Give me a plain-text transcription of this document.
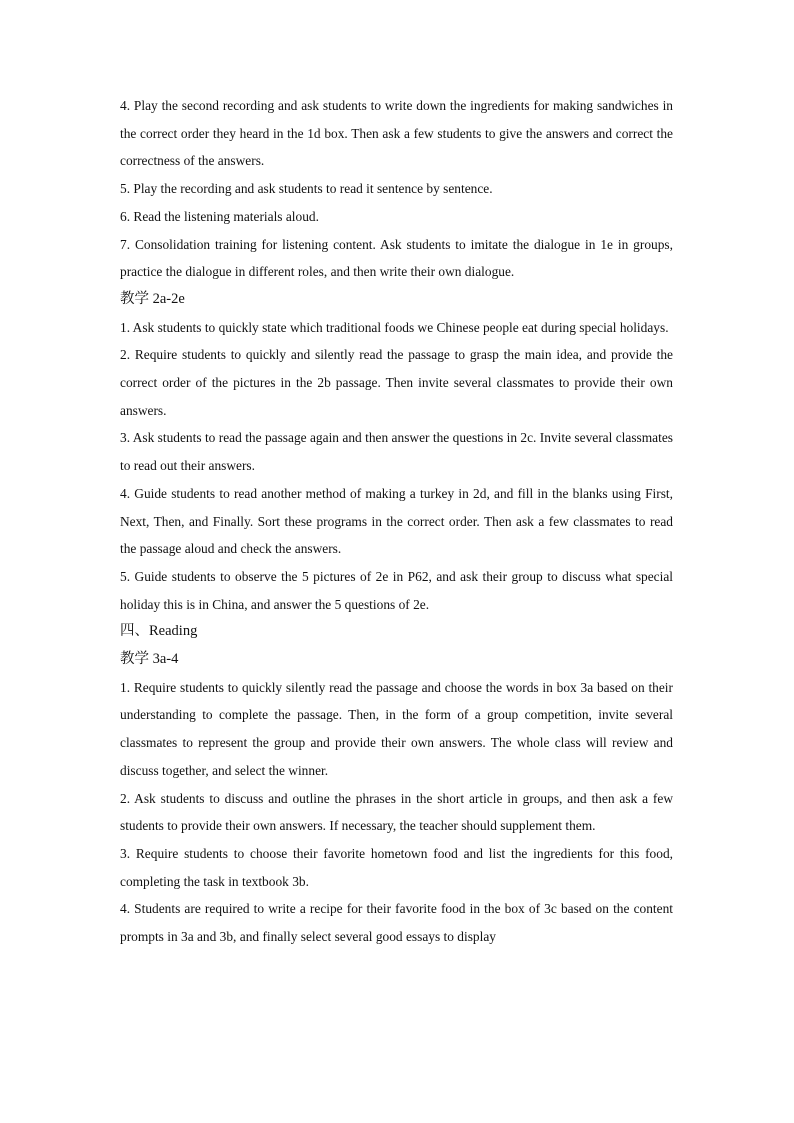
4. Play the second recording and ask students to write down the ingredients for making sandwiches in the correct order they heard in the 1d box. Then ask a few students to give the answers and correct the correctness of the answers.

5. Play the recording and ask students to read it sentence by sentence.

6. Read the listening materials aloud.

7. Consolidation training for listening content. Ask students to imitate the dialogue in 1e in groups, practice the dialogue in different roles, and then write their own dialogue.

教学 2a-2e

1. Ask students to quickly state which traditional foods we Chinese people eat during special holidays.

2. Require students to quickly and silently read the passage to grasp the main idea, and provide the correct order of the pictures in the 2b passage. Then invite several classmates to provide their own answers.

3. Ask students to read the passage again and then answer the questions in 2c. Invite several classmates to read out their answers.

4. Guide students to read another method of making a turkey in 2d, and fill in the blanks using First, Next, Then, and Finally. Sort these programs in the correct order. Then ask a few classmates to read the passage aloud and check the answers.

5. Guide students to observe the 5 pictures of 2e in P62, and ask their group to discuss what special holiday this is in China, and answer the 5 questions of 2e.

四、Reading

教学 3a-4

1. Require students to quickly silently read the passage and choose the words in box 3a based on their understanding to complete the passage. Then, in the form of a group competition, invite several classmates to represent the group and provide their own answers. The whole class will review and discuss together, and select the winner.

2. Ask students to discuss and outline the phrases in the short article in groups, and then ask a few students to provide their own answers. If necessary, the teacher should supplement them.

3. Require students to choose their favorite hometown food and list the ingredients for this food, completing the task in textbook 3b.

4. Students are required to write a recipe for their favorite food in the box of 3c based on the content prompts in 3a and 3b, and finally select several good essays to display
